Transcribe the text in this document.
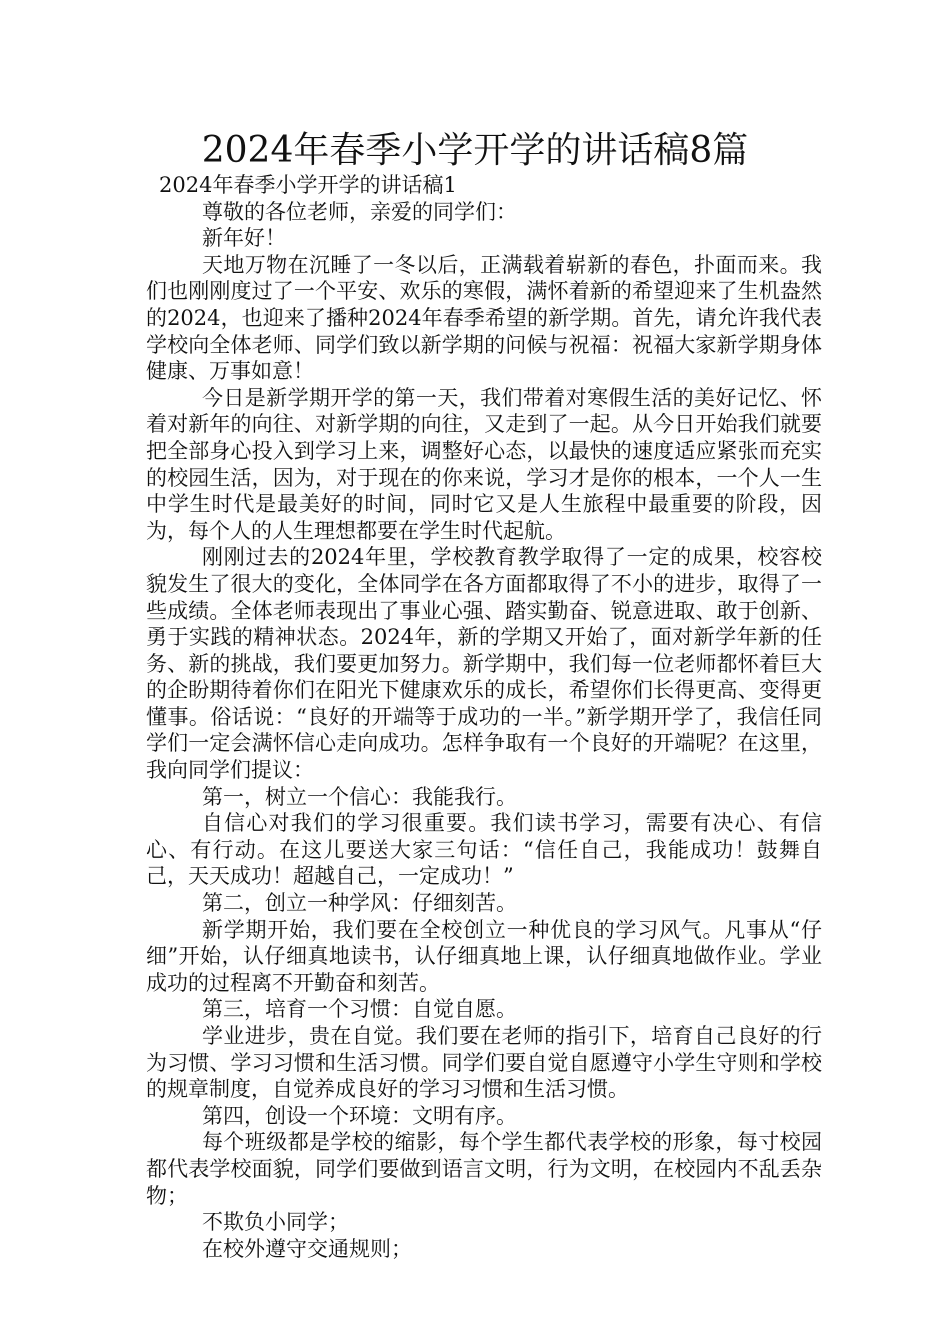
2024年春季小学开学的讲话稿8篇

2024年春季小学开学的讲话稿1

尊敬的各位老师，亲爱的同学们：

新年好！

天地万物在沉睡了一冬以后，正满载着崭新的春色，扑面而来。我们也刚刚度过了一个平安、欢乐的寒假，满怀着新的希望迎来了生机盎然的2024，也迎来了播种2024年春季希望的新学期。首先，请允许我代表学校向全体老师、同学们致以新学期的问候与祝福：祝福大家新学期身体健康、万事如意！

今日是新学期开学的第一天，我们带着对寒假生活的美好记忆、怀着对新年的向往、对新学期的向往，又走到了一起。从今日开始我们就要把全部身心投入到学习上来，调整好心态，以最快的速度适应紧张而充实的校园生活，因为，对于现在的你来说，学习才是你的根本，一个人一生中学生时代是最美好的时间，同时它又是人生旅程中最重要的阶段，因为，每个人的人生理想都要在学生时代起航。

刚刚过去的2024年里，学校教育教学取得了一定的成果，校容校貌发生了很大的变化，全体同学在各方面都取得了不小的进步，取得了一些成绩。全体老师表现出了事业心强、踏实勤奋、锐意进取、敢于创新、勇于实践的精神状态。2024年，新的学期又开始了，面对新学年新的任务、新的挑战，我们要更加努力。新学期中，我们每一位老师都怀着巨大的企盼期待着你们在阳光下健康欢乐的成长，希望你们长得更高、变得更懂事。俗话说：“良好的开端等于成功的一半。”新学期开学了，我信任同学们一定会满怀信心走向成功。怎样争取有一个良好的开端呢？在这里，我向同学们提议：

第一，树立一个信心：我能我行。

自信心对我们的学习很重要。我们读书学习，需要有决心、有信心、有行动。在这儿要送大家三句话：“信任自己，我能成功！鼓舞自己，天天成功！超越自己，一定成功！”

第二，创立一种学风：仔细刻苦。

新学期开始，我们要在全校创立一种优良的学习风气。凡事从“仔细”开始，认仔细真地读书，认仔细真地上课，认仔细真地做作业。学业成功的过程离不开勤奋和刻苦。

第三，培育一个习惯：自觉自愿。

学业进步，贵在自觉。我们要在老师的指引下，培育自己良好的行为习惯、学习习惯和生活习惯。同学们要自觉自愿遵守小学生守则和学校的规章制度，自觉养成良好的学习习惯和生活习惯。

第四，创设一个环境：文明有序。

每个班级都是学校的缩影，每个学生都代表学校的形象，每寸校园都代表学校面貌，同学们要做到语言文明，行为文明，在校园内不乱丢杂物；

不欺负小同学；

在校外遵守交通规则；
